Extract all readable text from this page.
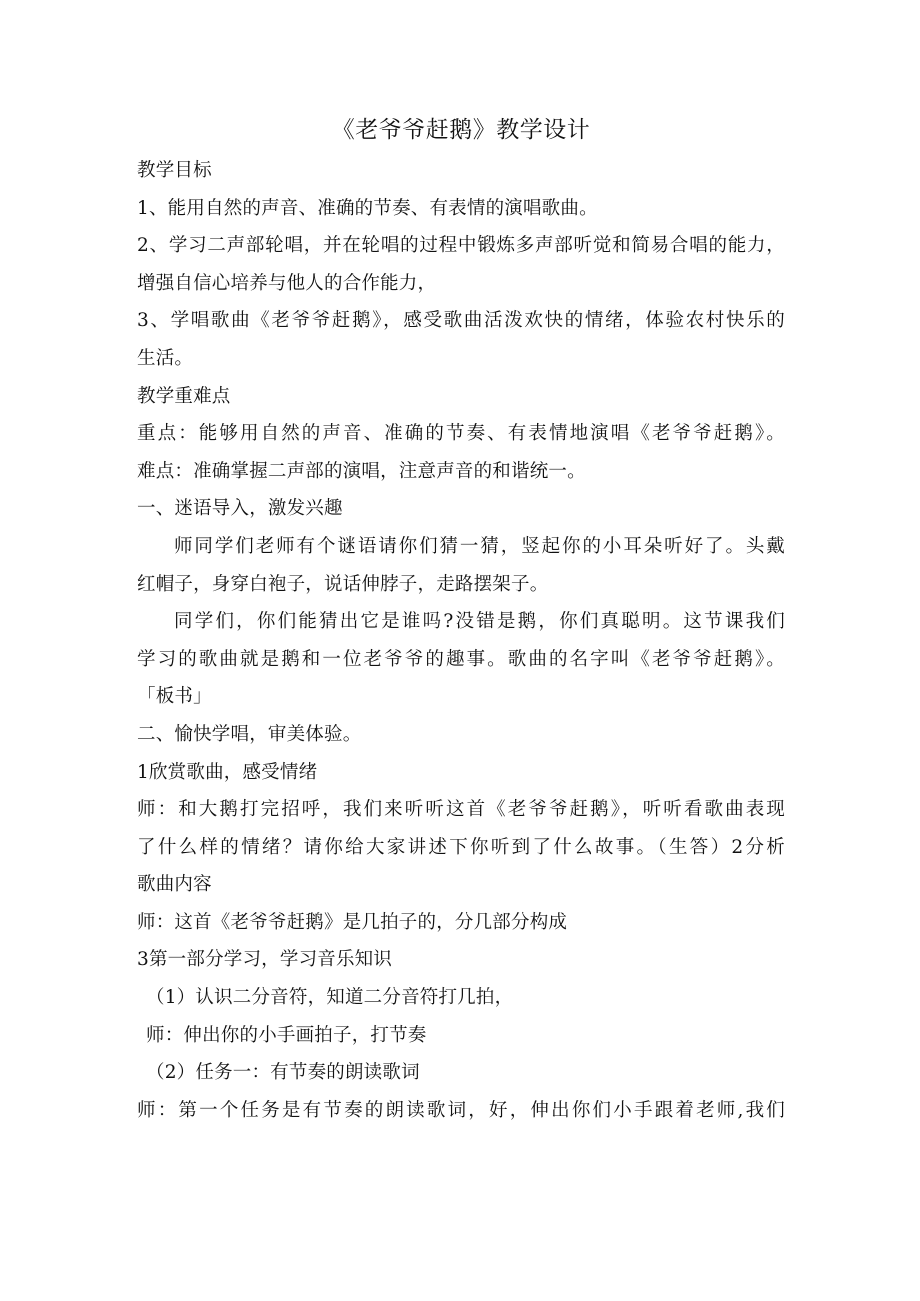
《老爷爷赶鹅》教学设计

教学目标

1、能用自然的声音、准确的节奏、有表情的演唱歌曲。

2、学习二声部轮唱，并在轮唱的过程中锻炼多声部听觉和简易合唱的能力，

增强自信心培养与他人的合作能力，

3、学唱歌曲《老爷爷赶鹅》，感受歌曲活泼欢快的情绪，体验农村快乐的

生活。

教学重难点

重点：能够用自然的声音、准确的节奏、有表情地演唱《老爷爷赶鹅》。

难点：准确掌握二声部的演唱，注意声音的和谐统一。

一、迷语导入，激发兴趣

师同学们老师有个谜语请你们猜一猜，竖起你的小耳朵听好了。头戴

红帽子，身穿白袍子，说话伸脖子，走路摆架子。

同学们，你们能猜出它是谁吗?没错是鹅，你们真聪明。这节课我们

学习的歌曲就是鹅和一位老爷爷的趣事。歌曲的名字叫《老爷爷赶鹅》。

「板书」

二、愉快学唱，审美体验。

1欣赏歌曲，感受情绪

师：和大鹅打完招呼，我们来听听这首《老爷爷赶鹅》，听听看歌曲表现

了什么样的情绪？请你给大家讲述下你听到了什么故事。（生答）2分析

歌曲内容

师：这首《老爷爷赶鹅》是几拍子的，分几部分构成

3第一部分学习，学习音乐知识

（1）认识二分音符，知道二分音符打几拍，

师：伸出你的小手画拍子，打节奏

（2）任务一：有节奏的朗读歌词

师：第一个任务是有节奏的朗读歌词，好，伸出你们小手跟着老师,我们
